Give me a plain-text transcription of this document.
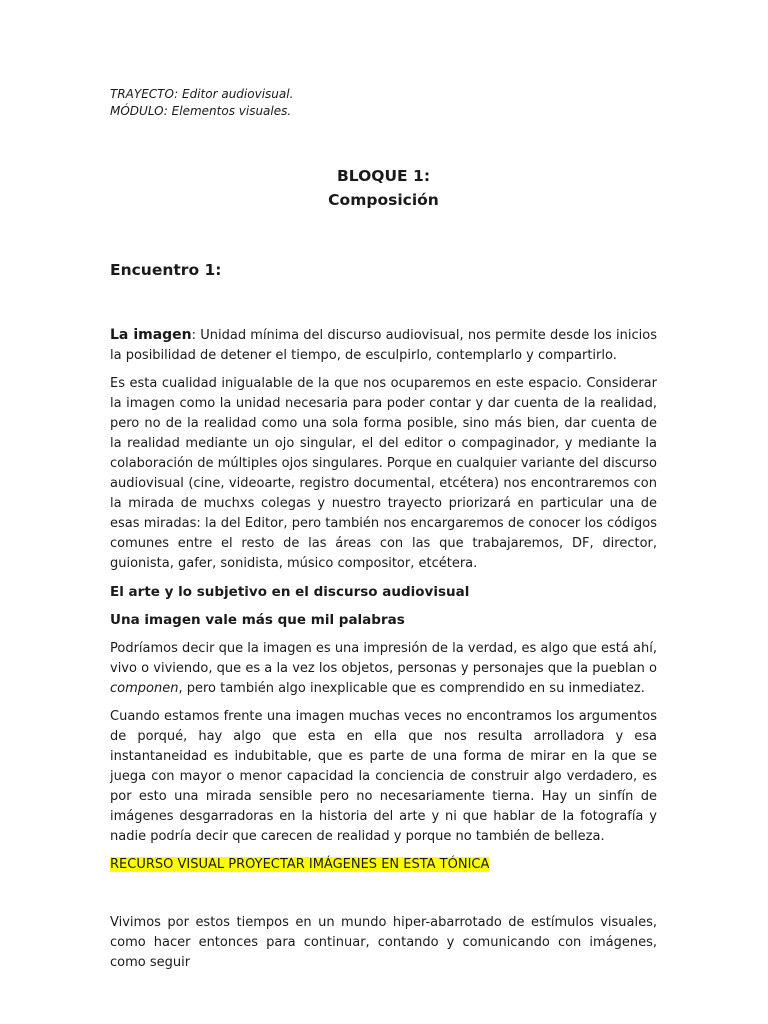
TRAYECTO: Editor audiovisual.

MÓDULO: Elementos visuales.

BLOQUE 1:
Composición
Encuentro 1:

La imagen: Unidad mínima del discurso audiovisual, nos permite desde los inicios la posibilidad de detener el tiempo, de esculpirlo, contemplarlo y compartirlo.

Es esta cualidad inigualable de la que nos ocuparemos en este espacio. Considerar la imagen como la unidad necesaria para poder contar y dar cuenta de la realidad, pero no de la realidad como una sola forma posible, sino más bien, dar cuenta de la realidad mediante un ojo singular, el del editor o compaginador, y mediante la colaboración de múltiples ojos singulares. Porque en cualquier variante del discurso audiovisual (cine, videoarte, registro documental, etcétera) nos encontraremos con la mirada de muchxs colegas y nuestro trayecto priorizará en particular una de esas miradas: la del Editor, pero también nos encargaremos de conocer los códigos comunes entre el resto de las áreas con las que trabajaremos, DF, director, guionista, gafer, sonidista, músico compositor, etcétera.

El arte y lo subjetivo en el discurso audiovisual
Una imagen vale más que mil palabras

Podríamos decir que la imagen es una impresión de la verdad, es algo que está ahí, vivo o viviendo, que es a la vez los objetos, personas y personajes que la pueblan o componen, pero también algo inexplicable que es comprendido en su inmediatez.

Cuando estamos frente una imagen muchas veces no encontramos los argumentos de porqué, hay algo que esta en ella que nos resulta arrolladora y esa instantaneidad es indubitable, que es parte de una forma de mirar en la que se juega con mayor o menor capacidad la conciencia de construir algo verdadero, es por esto una mirada sensible pero no necesariamente tierna. Hay un sinfín de imágenes desgarradoras en la historia del arte y ni que hablar de la fotografía y nadie podría decir que carecen de realidad y porque no también de belleza.

RECURSO VISUAL PROYECTAR IMÁGENES EN ESTA TÓNICA

Vivimos por estos tiempos en un mundo hiper-abarrotado de estímulos visuales, como hacer entonces para continuar, contando y comunicando con imágenes, como seguir
